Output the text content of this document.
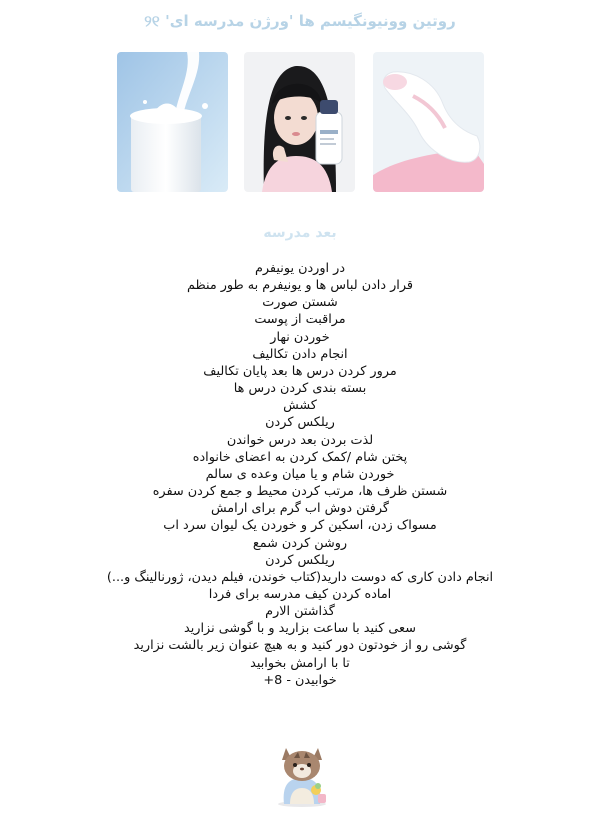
روتین وونیونگیسم ها 'ورژن مدرسه ای' ୨୧
بعد مدرسه
در اوردن یونیفرم
قرار دادن لباس ها و یونیفرم به طور منظم
شستن صورت
مراقبت از پوست
خوردن نهار
انجام دادن تکالیف
مرور کردن درس ها بعد پایان تکالیف
بسته بندی کردن درس ها
کشش
ریلکس کردن
لذت بردن بعد درس خواندن
پختن شام /کمک کردن به اعضای خانواده
خوردن شام و یا میان وعده ی سالم
شستن ظرف ها، مرتب کردن محیط و جمع کردن سفره
گرفتن دوش اب گرم برای ارامش
مسواک زدن، اسکین کر و خوردن یک لیوان سرد اب
روشن کردن شمع
ریلکس کردن
انجام دادن کاری که دوست دارید(کتاب خوندن، فیلم دیدن، ژورنالینگ و...)
اماده کردن کیف مدرسه برای فردا
گذاشتن الارم
سعی کنید با ساعت بزارید و با گوشی نزارید
گوشی رو از خودتون دور کنید و به هیچ عنوان زیر بالشت نزارید
تا با ارامش بخوابید
خوابیدن - 8+
